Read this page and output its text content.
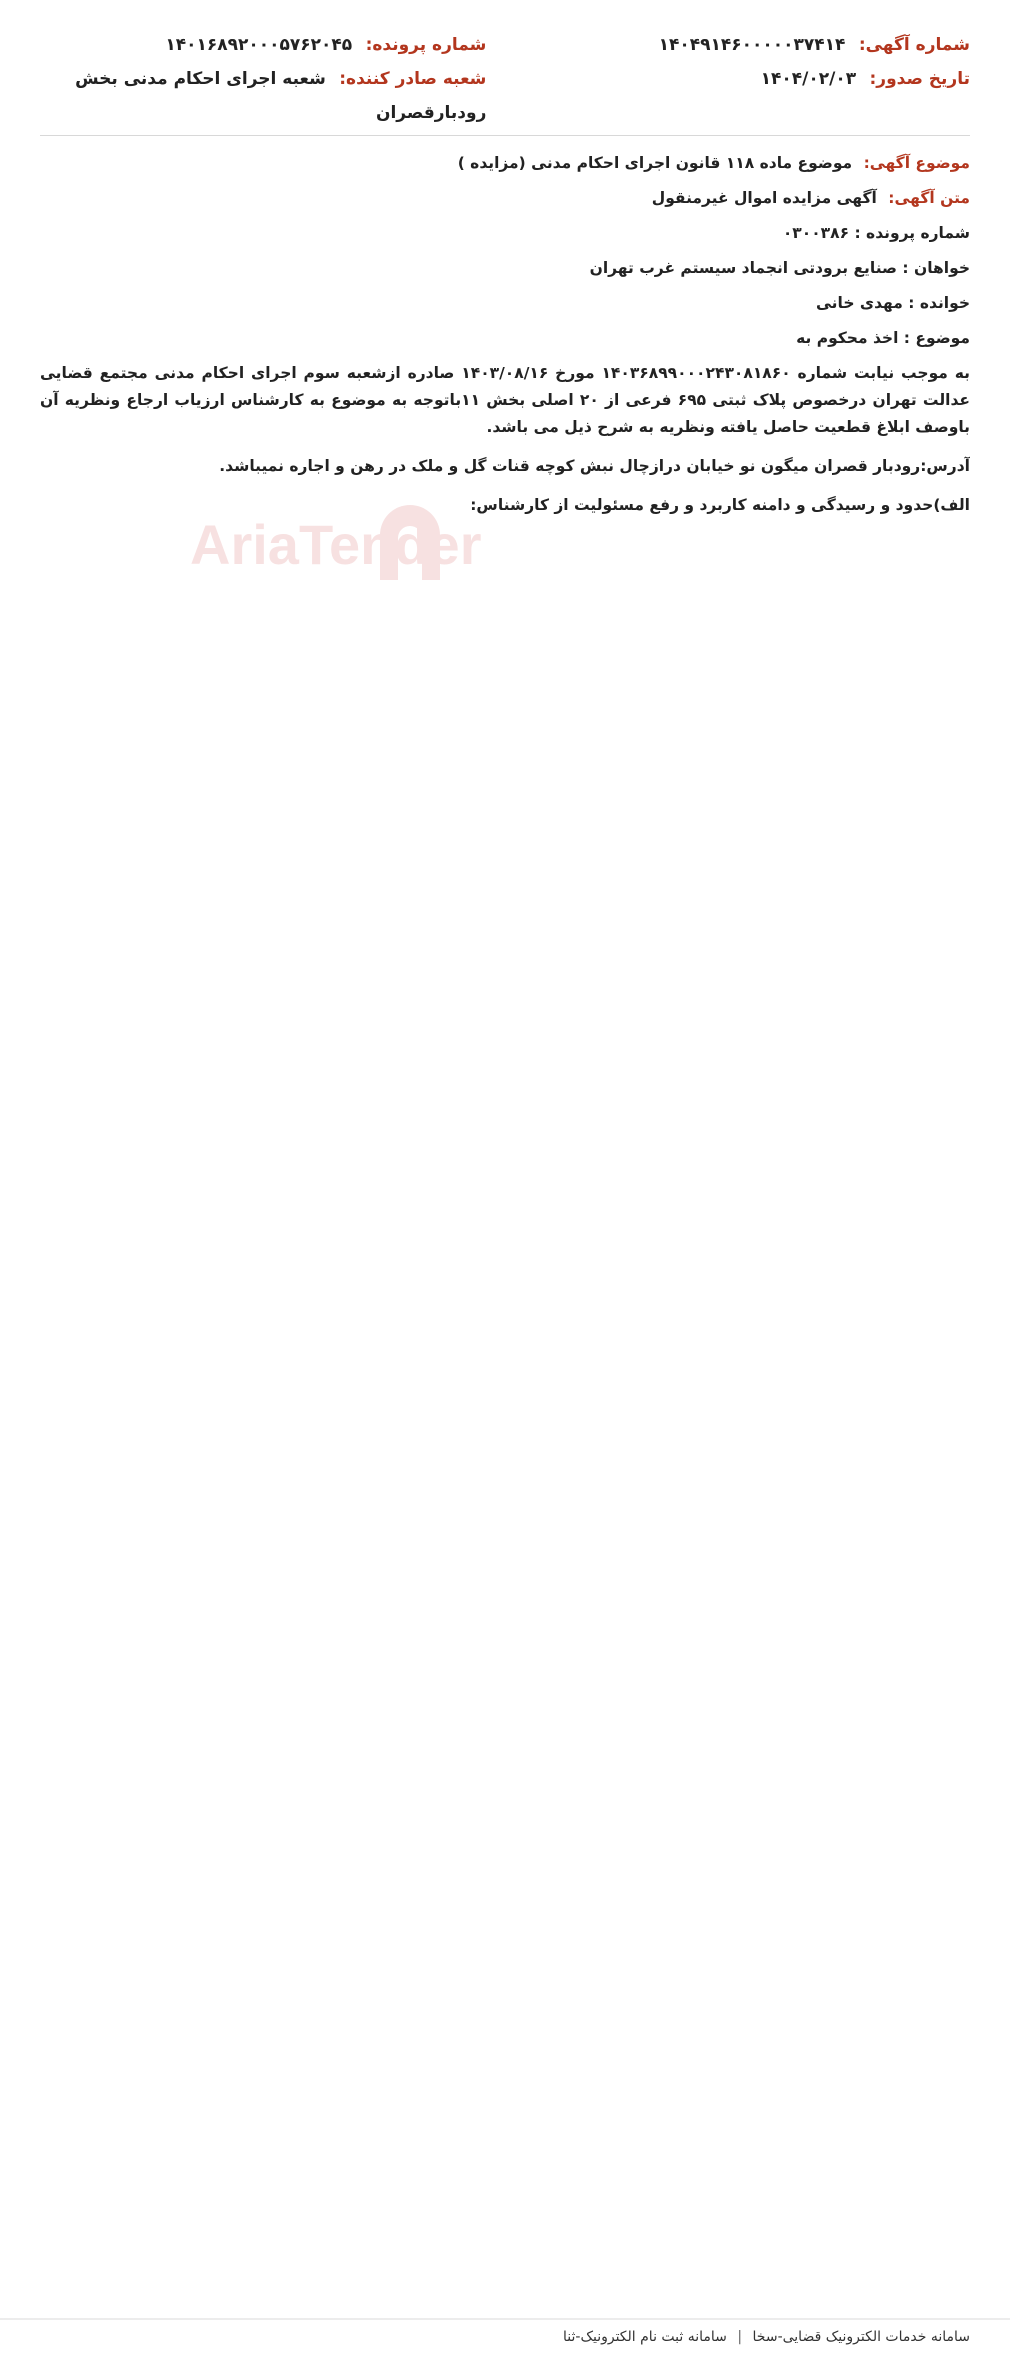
شماره آگهی: ۱۴۰۴۹۱۴۶۰۰۰۰۰۳۷۴۱۴
تاریخ صدور: ۱۴۰۴/۰۲/۰۳
شماره پرونده: ۱۴۰۱۶۸۹۲۰۰۰۵۷۶۲۰۴۵
شعبه صادر کننده: شعبه اجرای احکام مدنی بخش رودبارقصران
AriaTender

موضوع آگهی: موضوع ماده ۱۱۸ قانون اجرای احکام مدنی (مزایده )

متن آگهی: آگهی مزایده اموال غیرمنقول

شماره پرونده : ۰۳۰۰۳۸۶

خواهان : صنایع برودتی انجماد سیستم غرب تهران

خوانده : مهدی خانی

موضوع : اخذ محکوم به

به موجب نیابت شماره ۱۴۰۳۶۸۹۹۰۰۰۲۴۳۰۸۱۸۶۰ مورخ ۱۴۰۳/۰۸/۱۶ صادره ازشعبه سوم اجرای احکام مدنی مجتمع قضایی عدالت تهران درخصوص پلاک ثبتی ۶۹۵ فرعی از ۲۰ اصلی بخش ۱۱باتوجه به موضوع به کارشناس ارزیاب ارجاع ونظریه آن باوصف ابلاغ قطعیت حاصل یافته ونظریه به شرح ذیل می باشد.

آدرس:رودبار قصران میگون نو خیابان درازچال نبش کوچه قنات گل و ملک در رهن و اجاره نمیباشد.

الف)حدود و رسیدگی و دامنه کاربرد و رفع مسئولیت از کارشناس:

سامانه خدمات الکترونیک قضایی-سخا | سامانه ثبت نام الکترونیک-ثنا
